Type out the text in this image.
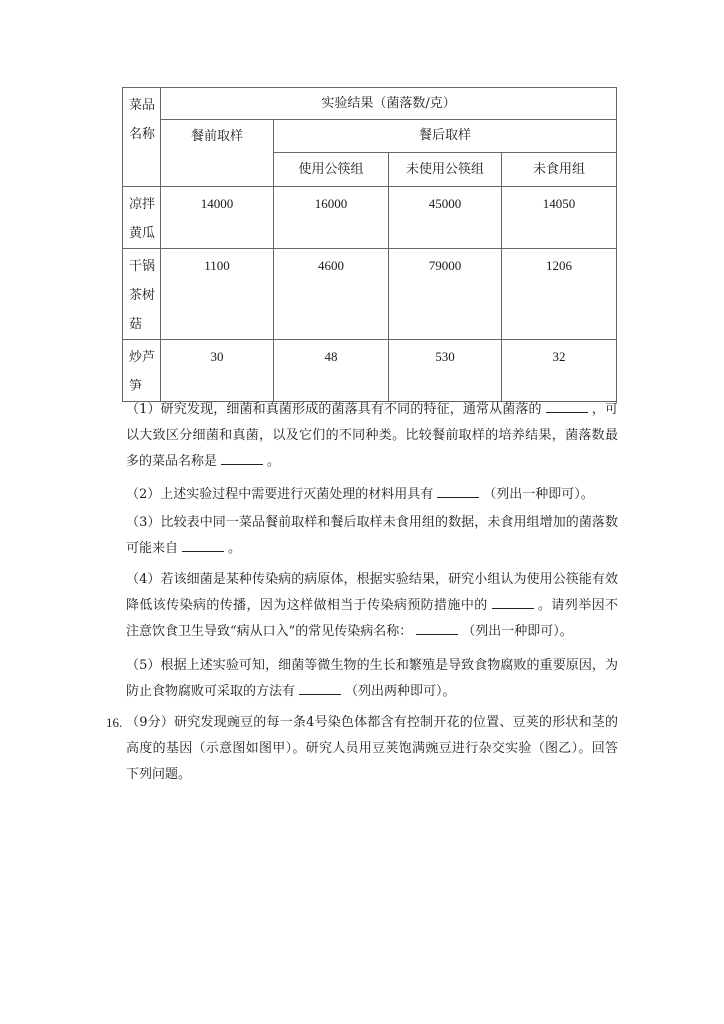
菜品名称	实验结果（菌落数/克）			
	餐前取样	餐后取样		
		使用公筷组	未使用公筷组	未食用组
凉拌黄瓜	14000	16000	45000	14050
干锅茶树菇	1100	4600	79000	1206
炒芦笋	30	48	530	32
（1）研究发现，细菌和真菌形成的菌落具有不同的特征，通常从菌落的	，可以大致区分细菌和真菌，以及它们的不同种类。比较餐前取样的培养结果，菌落数最多的菜品名称是	。
（2）上述实验过程中需要进行灭菌处理的材料用具有	（列出一种即可）。
（3）比较表中同一菜品餐前取样和餐后取样未食用组的数据，未食用组增加的菌落数可能来自	。
（4）若该细菌是某种传染病的病原体，根据实验结果，研究小组认为使用公筷能有效降低该传染病的传播，因为这样做相当于传染病预防措施中的	。请列举因不注意饮食卫生导致“病从口入”的常见传染病名称：	（列出一种即可）。
（5）根据上述实验可知，细菌等微生物的生长和繁殖是导致食物腐败的重要原因，为防止食物腐败可采取的方法有	（列出两种即可）。
16. （9分）研究发现豌豆的每一条4号染色体都含有控制开花的位置、豆荚的形状和茎的高度的基因（示意图如图甲）。研究人员用豆荚饱满豌豆进行杂交实验（图乙）。回答下列问题。
